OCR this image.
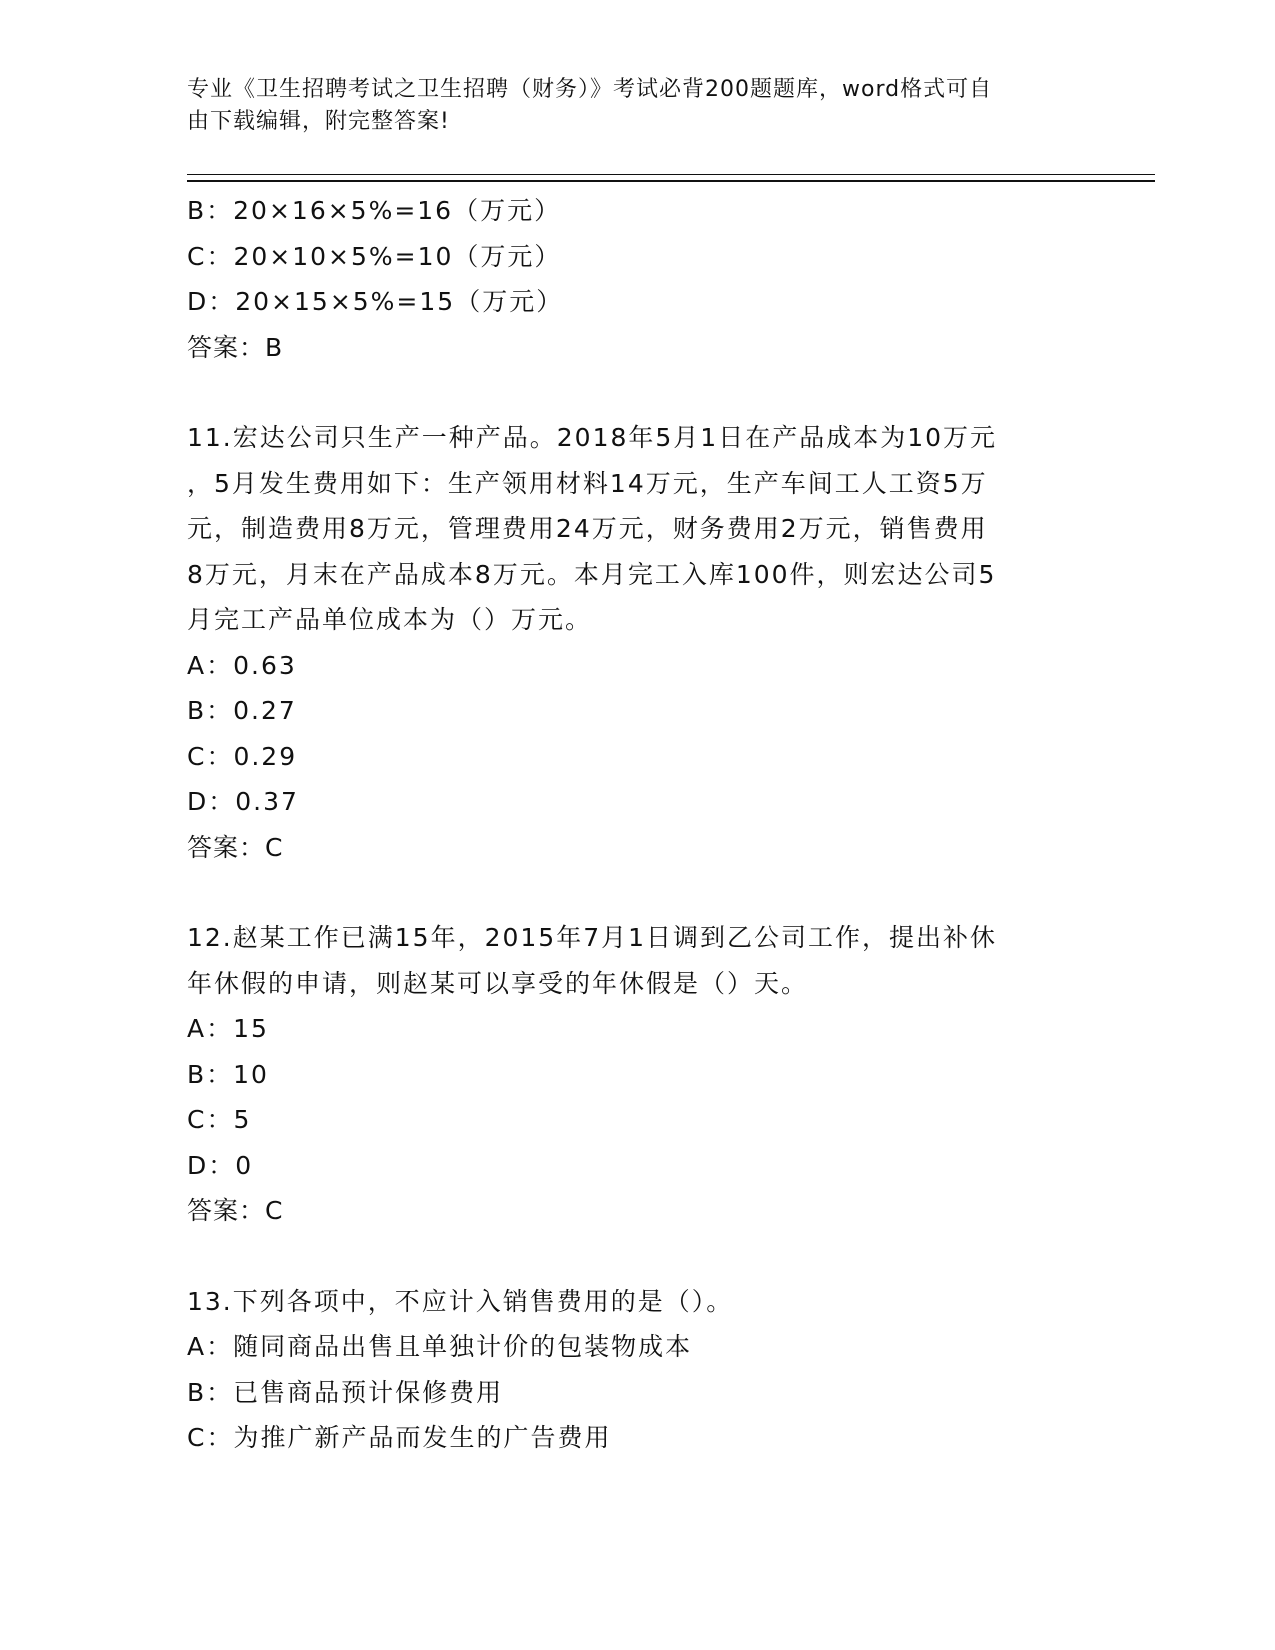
专业《卫生招聘考试之卫生招聘（财务）》考试必背200题题库，word格式可自
由下载编辑，附完整答案!
B：20×16×5%=16（万元）
C：20×10×5%=10（万元）
D：20×15×5%=15（万元）
答案：B
11.宏达公司只生产一种产品。2018年5月1日在产品成本为10万元
，5月发生费用如下：生产领用材料14万元，生产车间工人工资5万
元，制造费用8万元，管理费用24万元，财务费用2万元，销售费用
8万元，月末在产品成本8万元。本月完工入库100件，则宏达公司5
月完工产品单位成本为（）万元。
A：0.63
B：0.27
C：0.29
D：0.37
答案：C
12.赵某工作已满15年，2015年7月1日调到乙公司工作，提出补休
年休假的申请，则赵某可以享受的年休假是（）天。
A：15
B：10
C：5
D：0
答案：C
13.下列各项中，不应计入销售费用的是（）。
A：随同商品出售且单独计价的包装物成本
B：已售商品预计保修费用
C：为推广新产品而发生的广告费用
